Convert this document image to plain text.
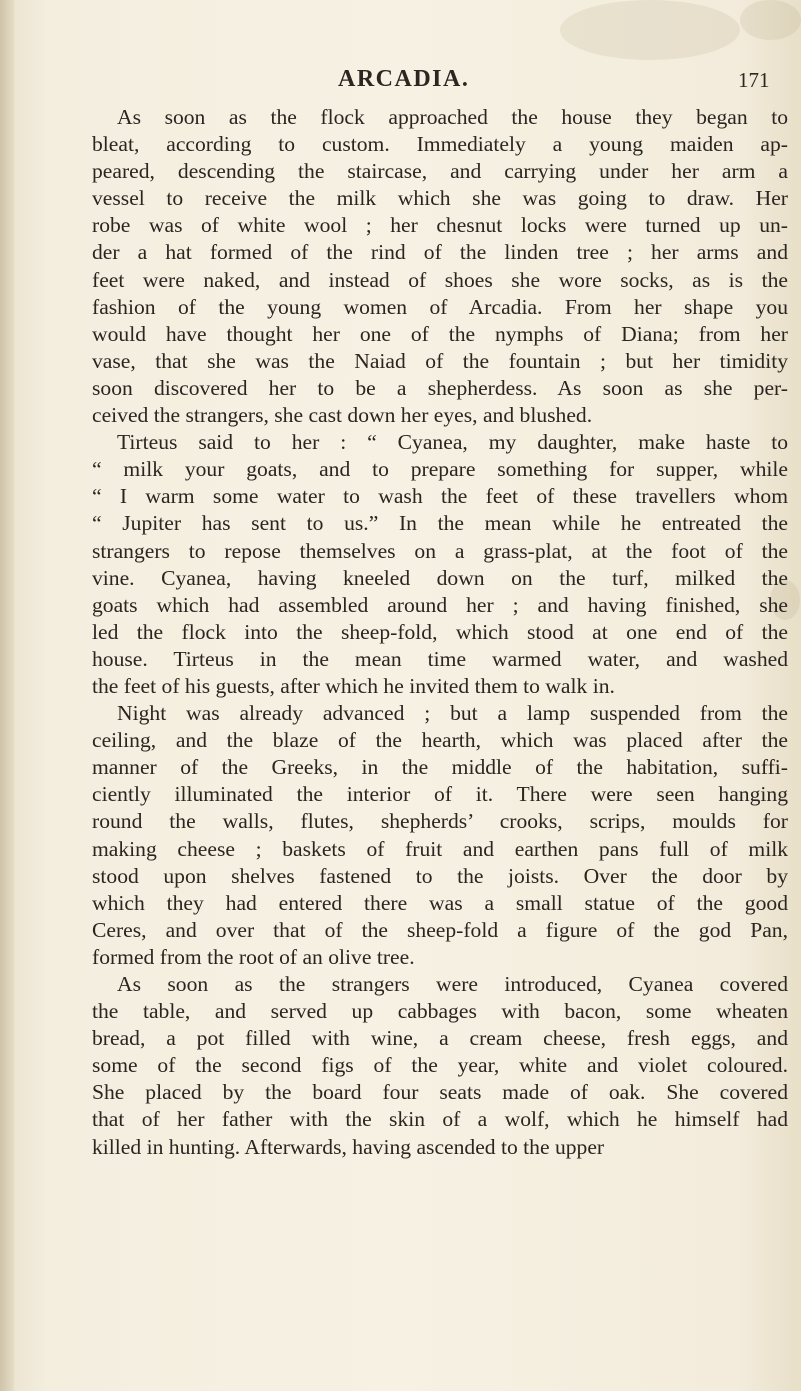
ARCADIA.	171
As soon as the flock approached the house they began to
bleat, according to custom. Immediately a young maiden ap-
peared, descending the staircase, and carrying under her arm a
vessel to receive the milk which she was going to draw. Her
robe was of white wool ; her chesnut locks were turned up un-
der a hat formed of the rind of the linden tree ; her arms and
feet were naked, and instead of shoes she wore socks, as is the
fashion of the young women of Arcadia. From her shape you
would have thought her one of the nymphs of Diana; from her
vase, that she was the Naiad of the fountain ; but her timidity
soon discovered her to be a shepherdess. As soon as she per-
ceived the strangers, she cast down her eyes, and blushed.
Tirteus said to her : “ Cyanea, my daughter, make haste to
“ milk your goats, and to prepare something for supper, while
“ I warm some water to wash the feet of these travellers whom
“ Jupiter has sent to us.” In the mean while he entreated the
strangers to repose themselves on a grass-plat, at the foot of the
vine. Cyanea, having kneeled down on the turf, milked the
goats which had assembled around her ; and having finished, she
led the flock into the sheep-fold, which stood at one end of the
house. Tirteus in the mean time warmed water, and washed
the feet of his guests, after which he invited them to walk in.
Night was already advanced ; but a lamp suspended from the
ceiling, and the blaze of the hearth, which was placed after the
manner of the Greeks, in the middle of the habitation, suffi-
ciently illuminated the interior of it. There were seen hanging
round the walls, flutes, shepherds’ crooks, scrips, moulds for
making cheese ; baskets of fruit and earthen pans full of milk
stood upon shelves fastened to the joists. Over the door by
which they had entered there was a small statue of the good
Ceres, and over that of the sheep-fold a figure of the god Pan,
formed from the root of an olive tree.
As soon as the strangers were introduced, Cyanea covered
the table, and served up cabbages with bacon, some wheaten
bread, a pot filled with wine, a cream cheese, fresh eggs, and
some of the second figs of the year, white and violet coloured.
She placed by the board four seats made of oak. She covered
that of her father with the skin of a wolf, which he himself had
killed in hunting. Afterwards, having ascended to the upper
